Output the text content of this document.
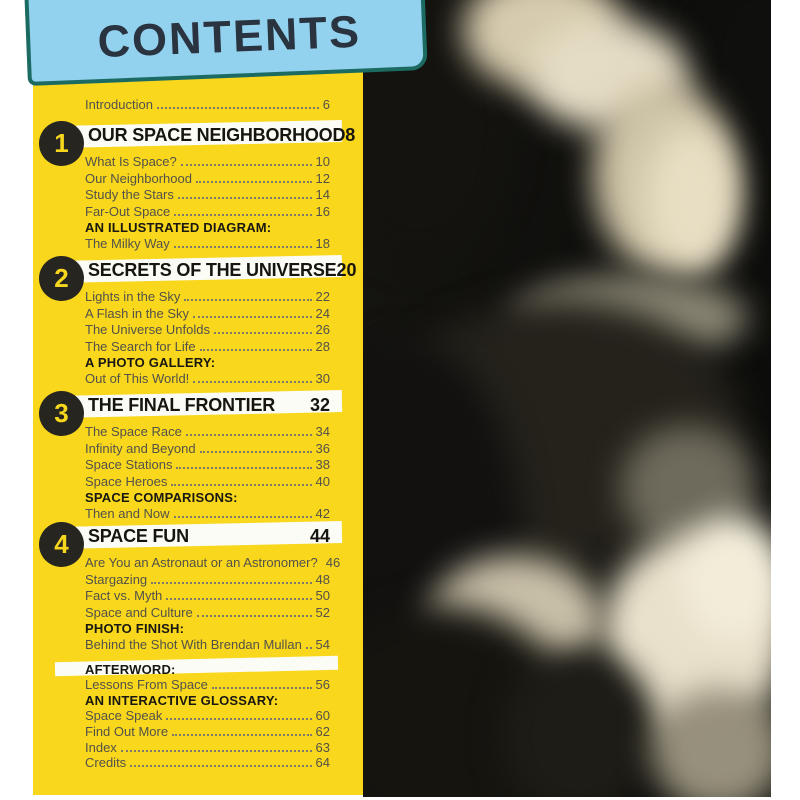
CONTENTS
Introduction	6
1 OUR SPACE NEIGHBORHOOD 8
What Is Space?	10
Our Neighborhood	12
Study the Stars	14
Far-Out Space	16
AN ILLUSTRATED DIAGRAM:
The Milky Way	18
2 SECRETS OF THE UNIVERSE 20
Lights in the Sky	22
A Flash in the Sky	24
The Universe Unfolds	26
The Search for Life	28
A PHOTO GALLERY:
Out of This World!	30
3 THE FINAL FRONTIER 32
The Space Race	34
Infinity and Beyond	36
Space Stations	38
Space Heroes	40
SPACE COMPARISONS:
Then and Now	42
4 SPACE FUN	44
Are You an Astronaut or an Astronomer? 46
Stargazing	48
Fact vs. Myth	50
Space and Culture	52
PHOTO FINISH:
Behind the Shot With Brendan Mullan 54
AFTERWORD:
Lessons From Space	56
AN INTERACTIVE GLOSSARY:
Space Speak	60
Find Out More	62
Index	63
Credits	64
